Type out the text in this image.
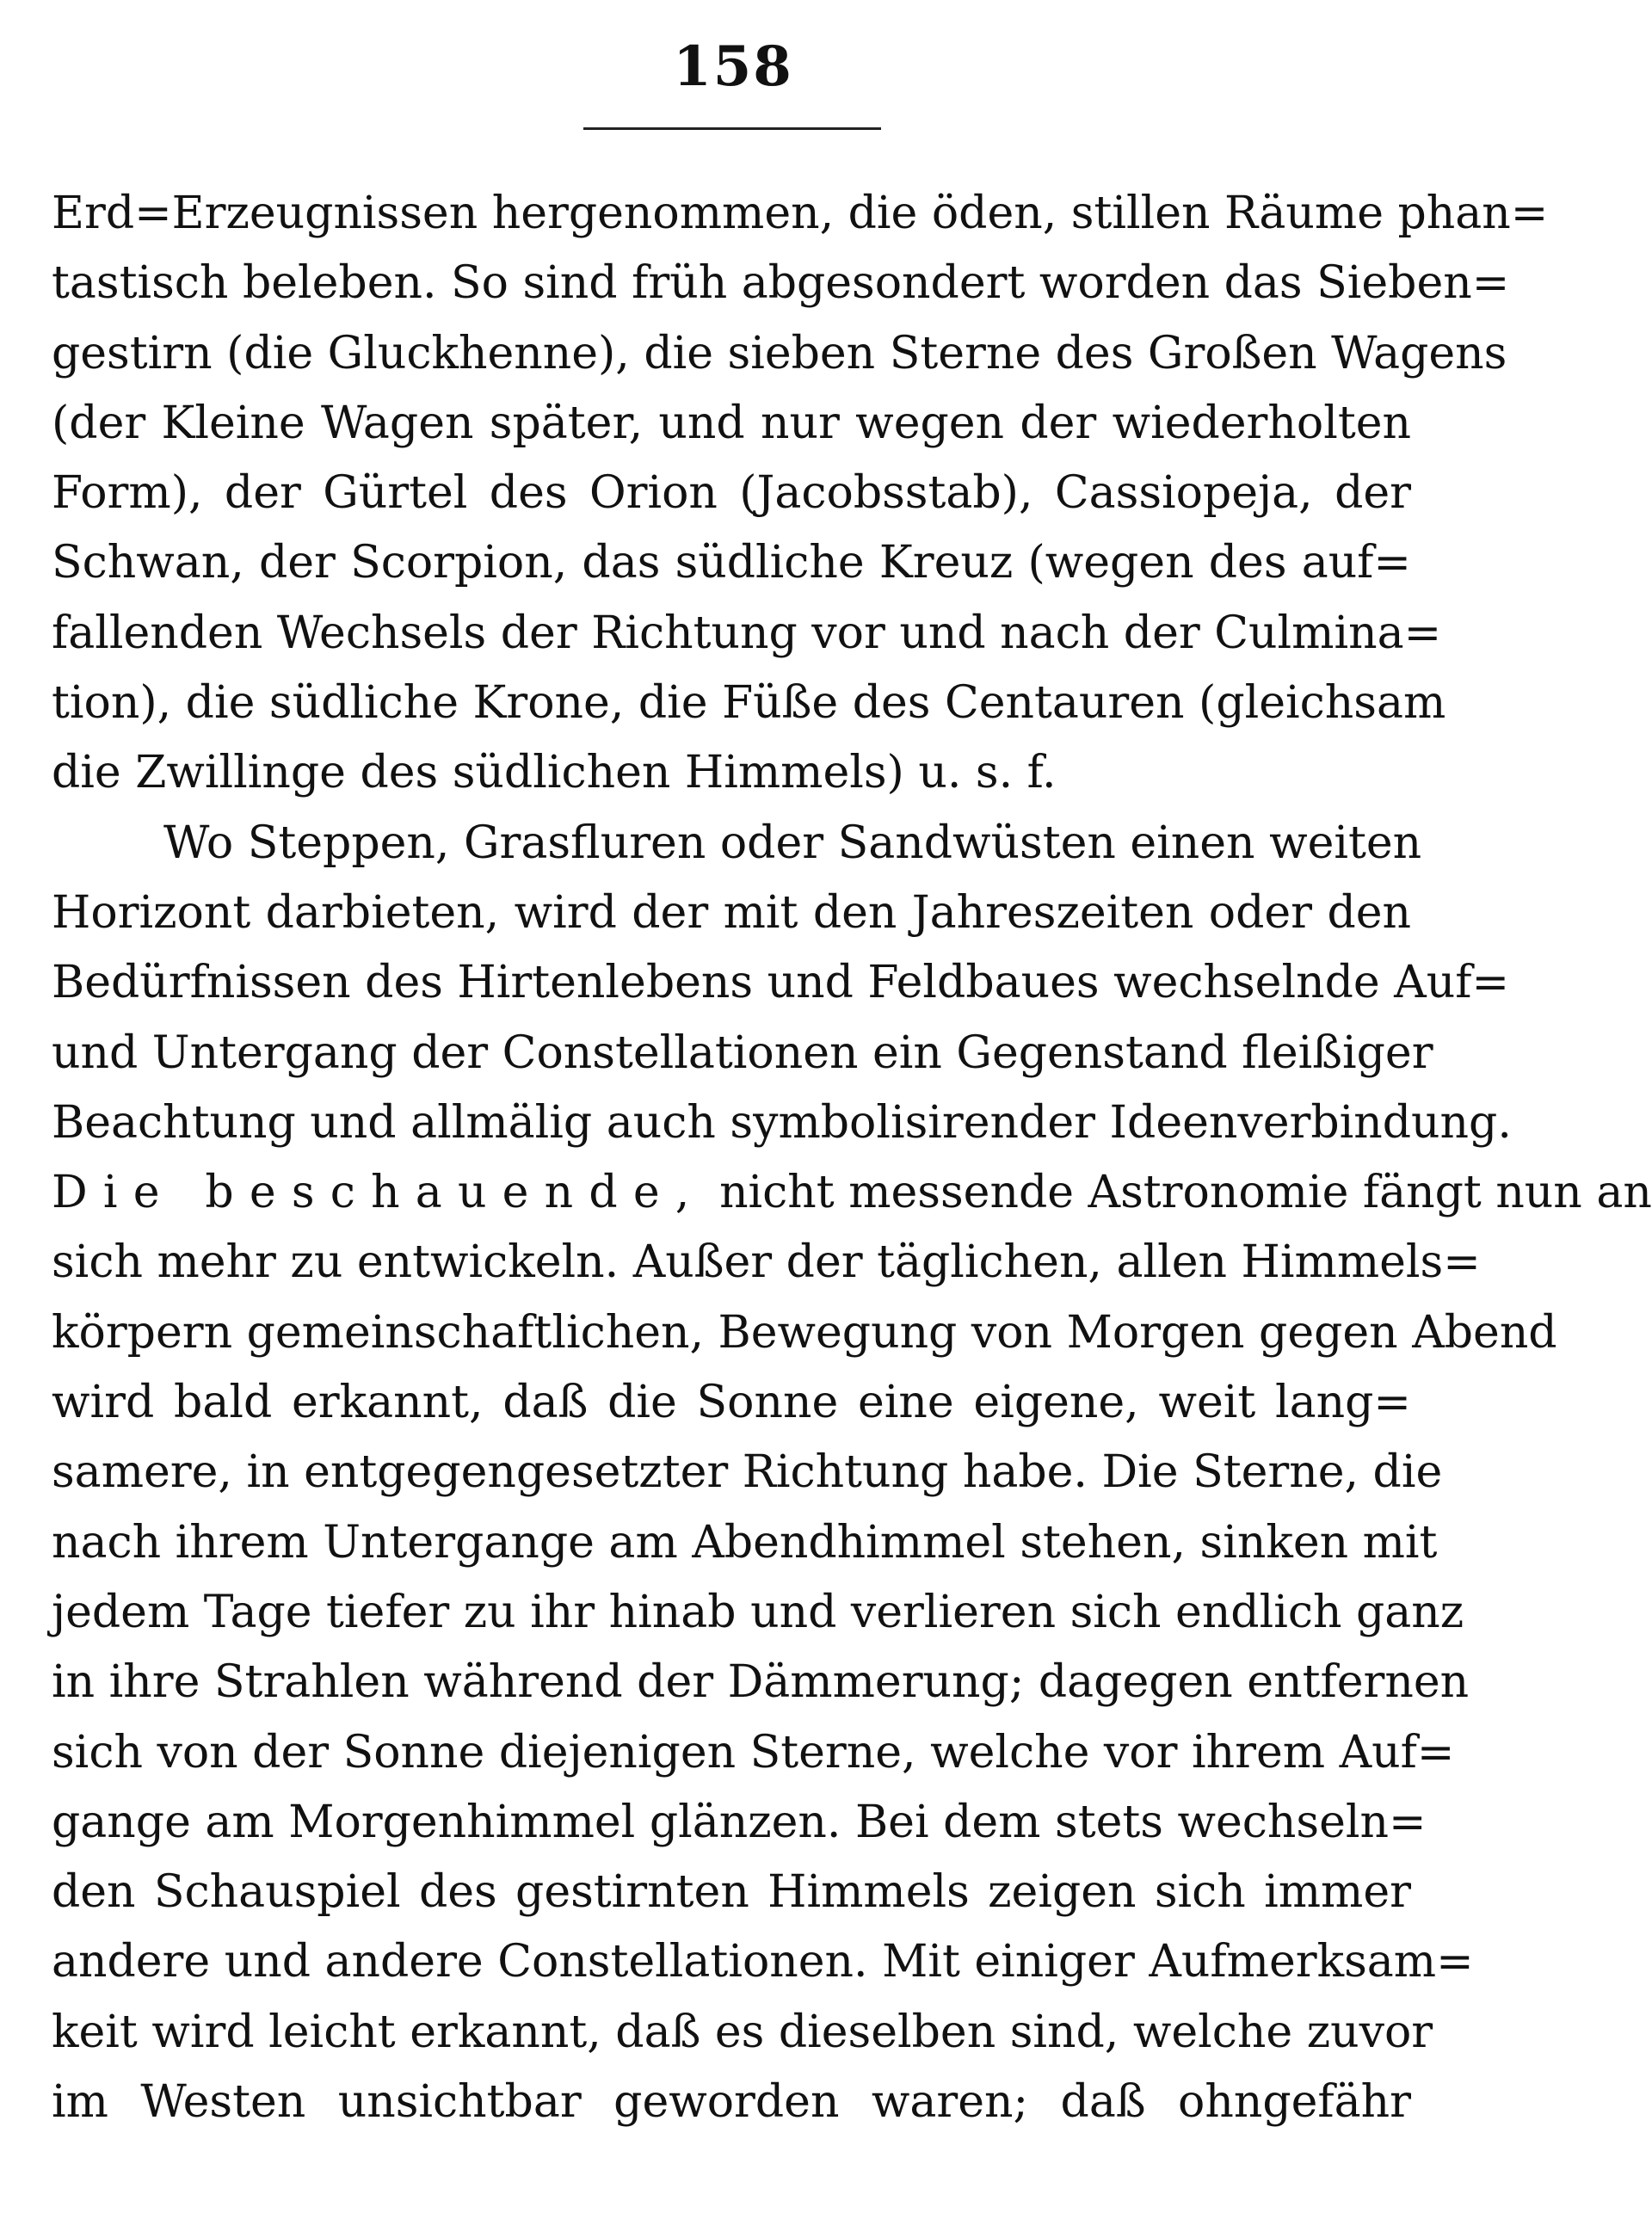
158
Erd=Erzeugnissen hergenommen, die öden, stillen Räume phan=
tastisch beleben. So sind früh abgesondert worden das Sieben=
gestirn (die Gluckhenne), die sieben Sterne des Großen Wagens
(der Kleine Wagen später, und nur wegen der wiederholten
Form), der Gürtel des Orion (Jacobsstab), Cassiopeja, der
Schwan, der Scorpion, das südliche Kreuz (wegen des auf=
fallenden Wechsels der Richtung vor und nach der Culmina=
tion), die südliche Krone, die Füße des Centauren (gleichsam
die Zwillinge des südlichen Himmels) u. s. f.
Wo Steppen, Grasfluren oder Sandwüsten einen weiten
Horizont darbieten, wird der mit den Jahreszeiten oder den
Bedürfnissen des Hirtenlebens und Feldbaues wechselnde Auf=
und Untergang der Constellationen ein Gegenstand fleißiger
Beachtung und allmälig auch symbolisirender Ideenverbindung.
Die beschauende, nicht messende Astronomie fängt nun an
sich mehr zu entwickeln. Außer der täglichen, allen Himmels=
körpern gemeinschaftlichen, Bewegung von Morgen gegen Abend
wird bald erkannt, daß die Sonne eine eigene, weit lang=
samere, in entgegengesetzter Richtung habe. Die Sterne, die
nach ihrem Untergange am Abendhimmel stehen, sinken mit
jedem Tage tiefer zu ihr hinab und verlieren sich endlich ganz
in ihre Strahlen während der Dämmerung; dagegen entfernen
sich von der Sonne diejenigen Sterne, welche vor ihrem Auf=
gange am Morgenhimmel glänzen. Bei dem stets wechseln=
den Schauspiel des gestirnten Himmels zeigen sich immer
andere und andere Constellationen. Mit einiger Aufmerksam=
keit wird leicht erkannt, daß es dieselben sind, welche zuvor
im Westen unsichtbar geworden waren; daß ohngefähr
